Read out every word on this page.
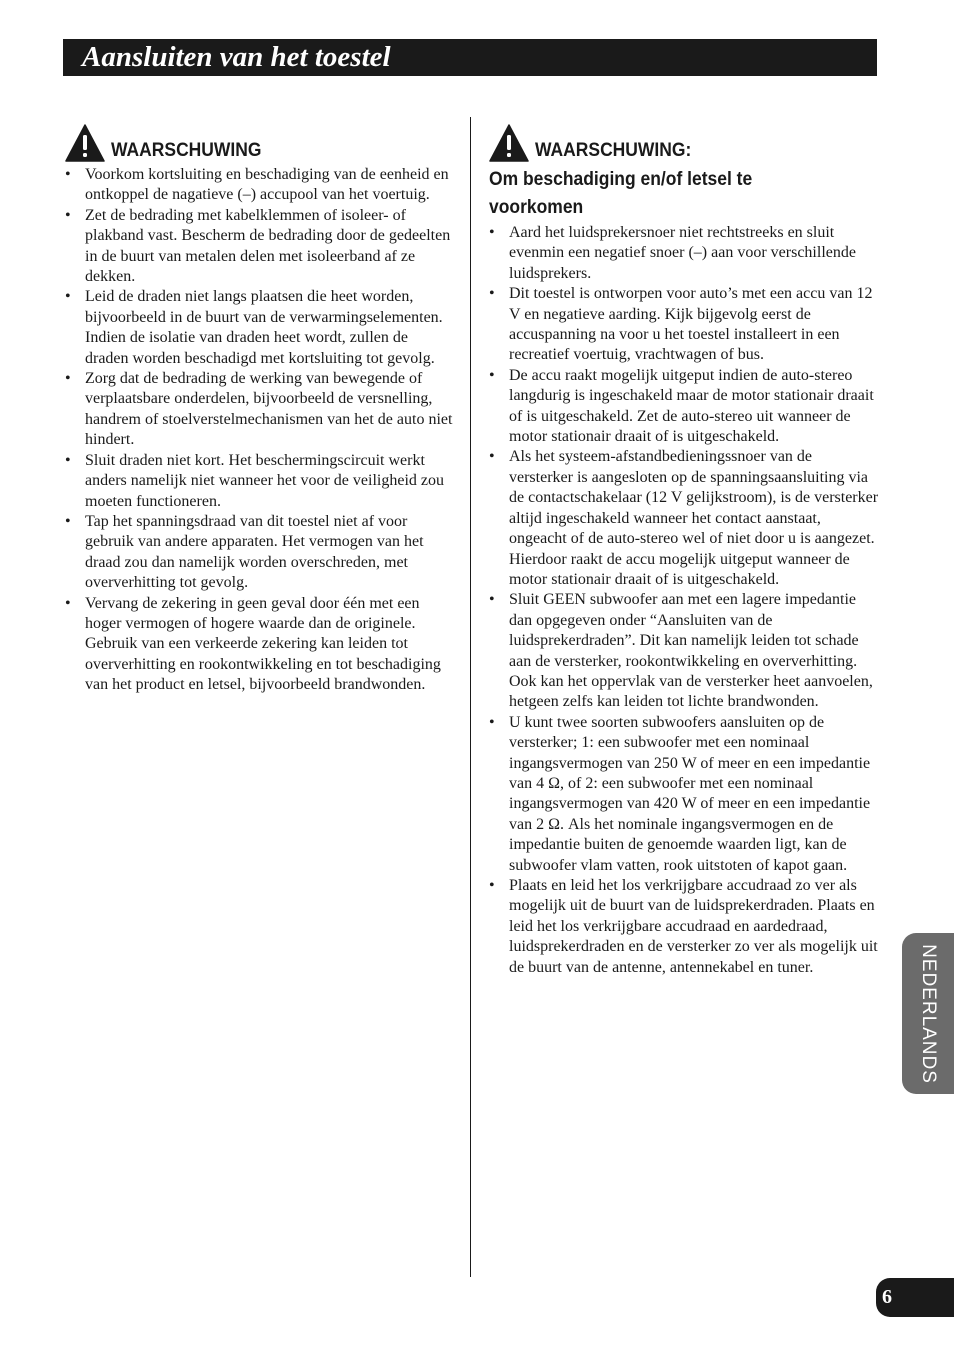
Aansluiten van het toestel
WAARSCHUWING
• Voorkom kortsluiting en beschadiging van de eenheid en ontkoppel de nagatieve (–) accupool van het voertuig.
• Zet de bedrading met kabelklemmen of isoleer- of plakband vast. Bescherm de bedrading door de gedeelten in de buurt van metalen delen met isoleerband af ze dekken.
• Leid de draden niet langs plaatsen die heet worden, bijvoorbeeld in de buurt van de verwarmingselementen. Indien de isolatie van draden heet wordt, zullen de draden worden beschadigd met kortsluiting tot gevolg.
• Zorg dat de bedrading de werking van bewegende of verplaatsbare onderdelen, bijvoorbeeld de versnelling, handrem of stoelverstelmechanismen van het de auto niet hindert.
• Sluit draden niet kort. Het beschermingscircuit werkt anders namelijk niet wanneer het voor de veiligheid zou moeten functioneren.
• Tap het spanningsdraad van dit toestel niet af voor gebruik van andere apparaten. Het vermogen van het draad zou dan namelijk worden overschreden, met oververhitting tot gevolg.
• Vervang de zekering in geen geval door één met een hoger vermogen of hogere waarde dan de originele. Gebruik van een verkeerde zekering kan leiden tot oververhitting en rookontwikkeling en tot beschadiging van het product en letsel, bijvoorbeeld brandwonden.
WAARSCHUWING:
Om beschadiging en/of letsel te voorkomen
• Aard het luidsprekersnoer niet rechtstreeks en sluit evenmin een negatief snoer (–) aan voor verschillende luidsprekers.
• Dit toestel is ontworpen voor auto’s met een accu van 12 V en negatieve aarding. Kijk bijgevolg eerst de accuspanning na voor u het toestel installeert in een recreatief voertuig, vrachtwagen of bus.
• De accu raakt mogelijk uitgeput indien de auto-stereo langdurig is ingeschakeld maar de motor stationair draait of is uitgeschakeld. Zet de auto-stereo uit wanneer de motor stationair draait of is uitgeschakeld.
• Als het systeem-afstandbedieningssnoer van de versterker is aangesloten op de spanningsaansluiting via de contactschakelaar (12 V gelijkstroom), is de versterker altijd ingeschakeld wanneer het contact aanstaat, ongeacht of de auto-stereo wel of niet door u is aangezet. Hierdoor raakt de accu mogelijk uitgeput wanneer de motor stationair draait of is uitgeschakeld.
• Sluit GEEN subwoofer aan met een lagere impedantie dan opgegeven onder “Aansluiten van de luidsprekerdraden”. Dit kan namelijk leiden tot schade aan de versterker, rookontwikkeling en oververhitting. Ook kan het oppervlak van de versterker heet aanvoelen, hetgeen zelfs kan leiden tot lichte brandwonden.
• U kunt twee soorten subwoofers aansluiten op de versterker; 1: een subwoofer met een nominaal ingangsvermogen van 250 W of meer en een impedantie van 4 Ω, of 2: een subwoofer met een nominaal ingangsvermogen van 420 W of meer en een impedantie van 2 Ω. Als het nominale ingangsvermogen en de impedantie buiten de genoemde waarden ligt, kan de subwoofer vlam vatten, rook uitstoten of kapot gaan.
• Plaats en leid het los verkrijgbare accudraad zo ver als mogelijk uit de buurt van de luidsprekerdraden. Plaats en leid het los verkrijgbare accudraad en aardedraad, luidsprekerdraden en de versterker zo ver als mogelijk uit de buurt van de antenne, antennekabel en tuner.	NEDERLANDS
6
